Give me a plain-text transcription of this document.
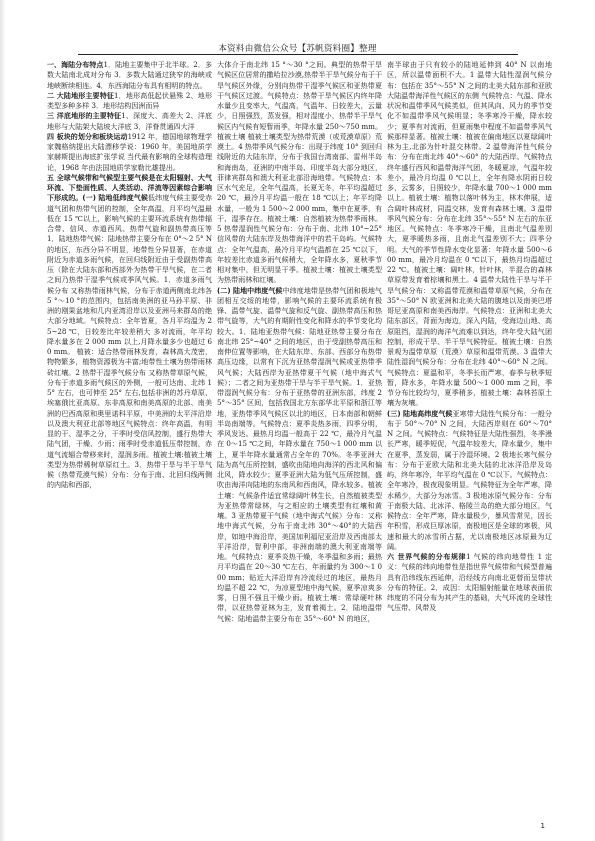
本资料由微信公众号【苏帆资料圈】整理

一、海陆分布特点1．陆地主要集中于北半球。2．多数大陆南北成对分布 3．多数大陆通过狭窄的海峡或地峡断续相连。4．东西海陆分布具有相明的特点。

二 大陆地形主要特征1．地形高低起伏悬殊 2、地形类型多种多样 3．地形结构因洲而异

三 洋底地形的主要特征1、深度大、高差大 2、洋底地形与大陆架大陆坡大洋底 3．洋脊贯通四大洋

四 板块的划分和板块运动1912 年，德国地球物理学家魏格纳提出大陆漂移学说：1960 年，美国地质学家赫斯提出海底扩张学说 当代最有影响的全球构造理论，1968 年由法国地质学家勒比雄提出。

五 全球气候带和气候型主要气候是在太阳辐射、大气环流、下垫面性质、人类活动、洋流等因素综合影响下形成的。(一) 陆地低纬度气候低纬度气候主要受赤道气团和热带气团的控制，全年高温，月平均气温最低在 15 ℃以上，影响气候的主要环流系统有热带辐合带、信风、赤道西风、热带气旋和副热带高压等 1．陆地热带气候：陆地热带主要分布在 0°～2 5° N 的地区，东西分异不明显，地带性分异显著，在赤道附近为赤道多雨气候，在回归线附近由于受副热带高压（除在大陆东部和西部外为热带干旱气候，在二者之间乃热带干湿季气候或季风气候。1．赤道多雨气候分布 又称热带雨林气候，分布于赤道两侧南北纬各 5 °～10 °的范围内，包括南美洲的亚马孙平原、非洲的刚果盆地和几内亚湾沿岸以及亚洲马来群岛的绝大部分地域。气候特点：全年皆夏，各月平均温为 25~28 ℃，日较差比年较差稍大 多对流雨，年平均降水量多在 2 000 mm 以上,月降水量多少也超过 60 mm。 植被：适合热带雨林发育，森林高大茂密，物物繁多，植物资源极为丰富;地带性土壤为热带雨林砖红壤。2 热带干湿季气候分布 又称热带草原气候，分布于赤道多雨气候区的外侧，一般可达南、北纬 15° 左右，也可伸至 25° 左右,包括非洲的苏丹草原、埃塞俄比亚高原、东非高原和南美高原的北部、南美洲的巴西高原和奥里诺科平原，中美洲的太平洋沿岸以及澳大利亚北部等地区气候特点：终年高温，有明显的干、湿季之分，干季时受信风控制，盛行热带大陆气团，干燥、少雨；雨季时受赤道低压带控制，赤道气流辐合带移来时，湿润多雨。植被土壤:植被土壤类型为热带稀树草原红土。3．热带干旱与半干旱气候（热带荒漠气候）分布：分布于南、北回归线两侧的内陆和西部，

大体介于南北纬 15 °～30 °之间。典型的热带干旱气候区位居常的撒哈拉沙漠,热带半干旱气候分布于干旱气候区外缘，分别向热带干湿季气候区和亚热带夏干气候区过渡。气候特点：热带干旱气候区内终年降水量少且变率大，气温高，气温年、日较差大，云量少，日照强烈，蒸发强，相对湿度小，热带半干旱气候区内气候有短暂雨季，年降水量 250～750 mm。植被土壤 植被土壤类型为热带荒漠（或荒漠草原）荒漠土。4 热带季风气候分布：出现于纬度 10° 到回归线附近的大陆东岸，分布于我国台湾南部、雷州半岛和海南岛，亚洲的中南半岛、印度半岛大部分地区，菲律宾群岛和澳大利亚北部沿海地带。气候特点：本区水气充足，全年气温高，长夏无冬，年平均温超过 20 ℃，最冷月平均温一般在 18 ℃以上；年平均降水量，一般为 1 500～2 000 mm，集中在夏季，有干、湿季存在。植被土壤：自然植被为热带季雨林。5 热带湿润性气候分布：分布于南、北纬 10°~25°信风带的大陆东岸及热带海洋中的若干岛屿。气候特点：全年气温高，最冷月平均气温都在 25 ℃以下，年较差比赤道多雨气候稍大，全年降水多，夏秋季节相对集中，但无明显干季。植被土壤：植被土壤类型为热带雨林和红壤。

(二) 陆地中纬度气候中纬度地带是热带气团和极地气团相互交绥的地带，影响气候的主要环流系统有极锋、温带气旋、温带气旋和反气旋、副热带高压和热带气旋等，大气的有期附性变化和降水的季节变化均较大。1．陆地亚热带气候：陆地亚热带主要分布在南北纬 25°~40° 之间的地区，由于受副热带高压和南伸位置等影响，在大陆东岸、东部、西部分布热带高压边缘，以常有下沉为亚热带湿润气候或亚热带季风气候；大陆西岸为亚热带夏干气候（地中海式气候）；二者之间为亚热带干旱与半干旱气候。1．亚热带湿润气候分布：分布于亚热带的亚洲东部，纬度 25°～35° 区间，包括我国北方东部华北平原和浙江等地，亚热带季风气候区以北的地区，日本南部和朝鲜半岛南端等。气候特点：夏季炎热多雨，四季分明，季风发达。最热月均温一般高于 22 ℃，最冷月气温在 0～15 ℃之间，年降水量在 750～1 000 mm 以上，夏半年降水量通常占全年的 70%。冬季亚洲大陆为高气压所控制，盛吹由陆地向海洋的西北风和偏北风，降水较少；夏季亚洲大陆为低气压所控制，盛吹由海洋向陆地的东南风和西南风，降水较多。植被土壤：气候条件适宜常绿阔叶林生长，自然植被类型为亚热带常绿林，与之相应的土壤类型有红壤和黄壤。3 亚热带夏干气候（地中海式气候）分布：又称地中海式气候，分布于南北纬 30°～40°的大陆西岸，如地中海沿岸，美国加利福尼亚沿岸及西南部太平洋沿岸，智利中部，非洲南端的澳大利亚南端等地。气候特点：夏季炎热干燥，冬季温和多雨；最热月平均温在 20～30 ℃左右，年雨量约为 300～1 000 mm；贴近大洋沿岸有冷流经过的地区，最热月均温不超 22 ℃，为凉夏型地中海气候，夏季凉爽多雾，日照不强且干燥少雨。植被土壤：常绿硬叶林带，以亚热带亚林为主，发育着褐土。2．陆地温带气候：陆地温带主要分布在 35°～60° N 的地区，

南半球由于只有较小的陆地延伸到 40° N 以南地区，所以温带面积不大。1 温带大陆性湿润气候分布：包括在 35°～55° N 之间的北美大陆东部和亚欧大陆温带海洋性气候区的东侧 气候特点：气温、降水状况和温带季风气候类似，但其风向、风力的季节变化不如温带季风气候明显；冬季寒冷干燥，降水较少；夏季有对流雨，但夏雨集中程度不如温带季风气候那样显著。植被土壤：植被在偏南地区以夏绿阔叶林为主,北部为针叶混交林带。2 温带海洋性气候分布：分布在南北纬 40°～60° 的大陆西岸。气候特点终年盛行西风和温带海洋气团，冬暖夏凉，气温年较差小，最冷月均温 0 ℃以上，全年有降水阴雨日较多，云雾多，日照较少，年降水量 700～1 000 mm 以上。植被土壤：植物以落叶林为主，林木伸展，适合阔叶林成材，同温交林，发育有森林土壤。3 温带季风气候分布：分布在北纬 35°～55° N 左右的东亚地区。气候特点：冬季寒冷干燥，且南北气温差别大，夏季暖热多雨，且南北气温差别不大；四季分明。大气的季节性降水变化显著：年降水量 500～600 mm，最冷月均温在 0 ℃以下，最热月均温超过 22 ℃。植被土壤：阔叶林，针叶林，半混合的森林草原带发育着棕壤和黑土。4 温带大陆性干旱与半干旱气候分布：又称温带荒漠和温带草原气候，分布在 35°～50° N 欧亚洲和北美大陆的腹地以及南美巴塔哥尼亚高原和南美西海岸。气候特点：亚洲和北美大陆东部区，背面为海边，深入内陆，受海边山地、高原阻挡，湿润的海洋气流难以到达，终年受大陆气团控制，形成干旱、半干旱气候特征。植被土壤：自然景观为温带草原（荒漠）草原和温带荒漠。3 温带大陆性湿润气候分布：分布在北纬 40°～60° N 之间。气候特点：夏温和平，冬季长而严寒，春季与秋季短暂，降水多，年降水量 500～1 000 mm 之间，季节分布比较均匀，夏季稍多，植被土壤：森林苔原土壤为灰壤。

(三) 陆地高纬度气候亚寒带大陆性气候分布：一般分布于 50°～70° N 之间，大陆西岸则在 60°～70° N 之间。气候特点：气候特征是大陆性强烈，冬季漫长严寒，暖季短促，气温年较差大，降水量少，集中在夏季，蒸发弱，属于冷湿环境。2 极地长寒气候分布：分布于亚欧大陆和北美大陆的北冰洋沿岸及岛屿，终年寒冷，年平均气温在 0 ℃以下。气候特点：全年寒冷，极夜现象明显。气候特征为全年严寒，降水稀少，大部分为冰雪。3 极地冰原气候分布：分布于南极大陆、北冰洋、格陵兰岛的绝大部分地区，气候特点：全年严寒，降水量极少，暴风雪常见，因长年积雪，形成巨厚冰原，南极地区是全球的寒极，风速和最大的冰雪所占据，尤以南极地区冰原最为辽阔。

六 世界气候的分布规律1 气候的纬向地带性 1 定义：气候的纬向地带性是指世界气候带和气候型普遍具有沿纬线东西延伸，沿经线方向南北更替而呈带状分布的特征。2．成因：太阳辐射能量在地球表面依纬度的不同分布为其产生的基础，大气环流的全球性气压带、风带及

1
